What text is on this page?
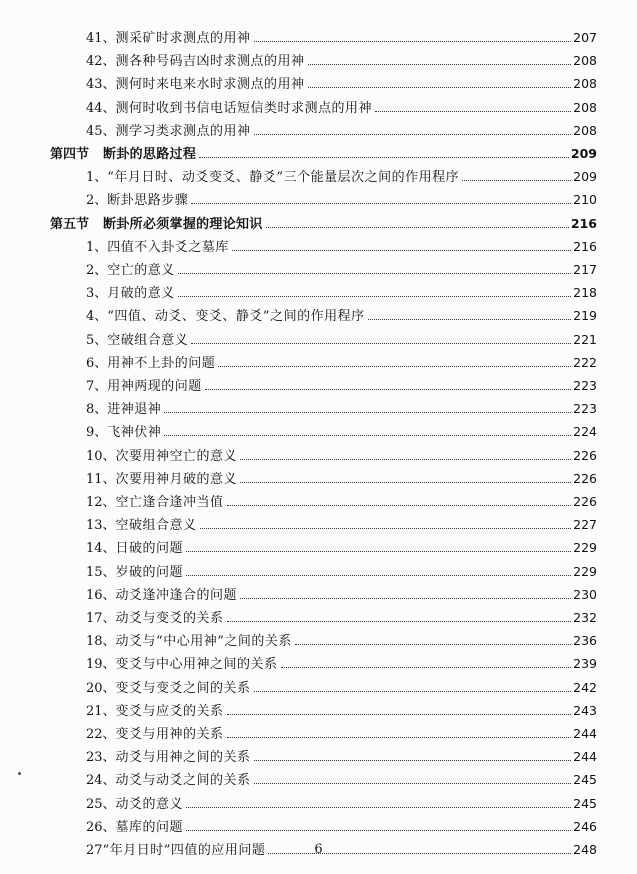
41、 测采矿时求测点的用神	207
42、 测各种号码吉凶时求测点的用神	208
43、 测何时来电来水时求测点的用神	208
44、 测何时收到书信电话短信类时求测点的用神	208
45、 测学习类求测点的用神	208
第四节 断卦的思路过程	209
1、 “年月日时、动爻变爻、静爻”三个能量层次之间的作用程序	209
2、 断卦思路步骤	210
第五节 断卦所必须掌握的理论知识	216
1、 四值不入卦爻之墓库	216
2、 空亡的意义	217
3、 月破的意义	218
4、 “四值、动爻、变爻、静爻”之间的作用程序	219
5、 空破组合意义	221
6、 用神不上卦的问题	222
7、 用神两现的问题	223
8、 进神退神	223
9、 飞神伏神	224
10、 次要用神空亡的意义	226
11、 次要用神月破的意义	226
12、 空亡逢合逢冲当值	226
13、 空破组合意义	227
14、 日破的问题	229
15、 岁破的问题	229
16、 动爻逢冲逢合的问题	230
17、 动爻与变爻的关系	232
18、 动爻与“中心用神”之间的关系	236
19、 变爻与中心用神之间的关系	239
20、 变爻与变爻之间的关系	242
21、 变爻与应爻的关系	243
22、 变爻与用神的关系	244
23、 动爻与用神之间的关系	244
24、 动爻与动爻之间的关系	245
25、 动爻的意义	245
26、 墓库的问题	246
27 “年月日时”四值的应用问题	248
6
